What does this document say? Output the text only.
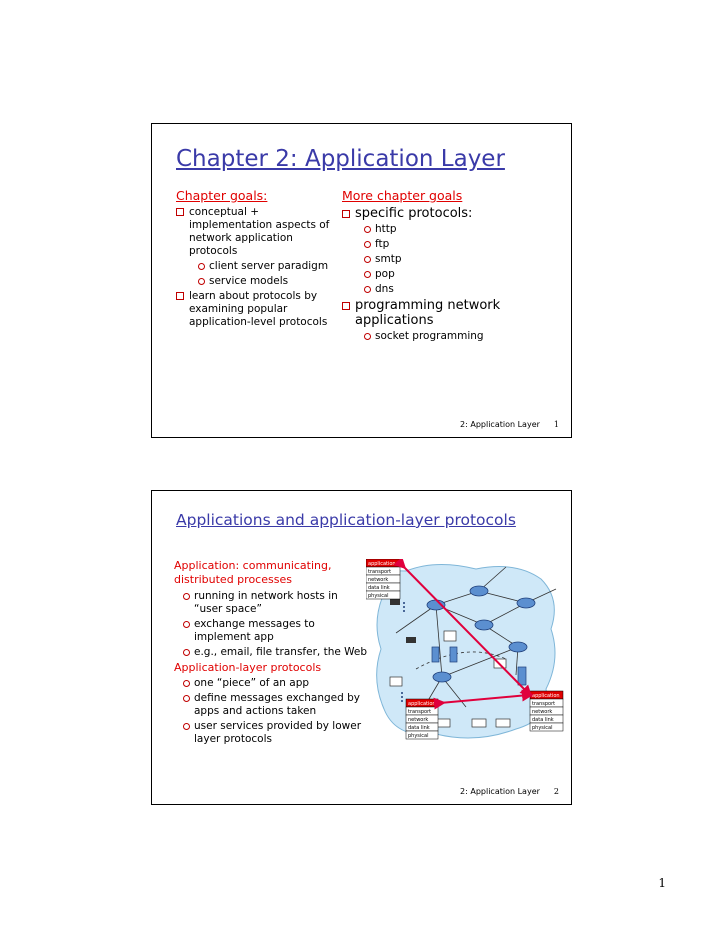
Chapter 2: Application Layer
Chapter goals:
conceptual + implementation aspects of network application protocols
client server paradigm
service models
learn about protocols by examining popular application-level protocols
More chapter goals
specific protocols:
http
ftp
smtp
pop
dns
programming network applications
socket programming
2: Application Layer 1
Applications and application-layer protocols
Application: communicating, distributed processes
running in network hosts in “user space”
exchange messages to implement app
e.g., email, file transfer, the Web
Application-layer protocols
one “piece” of an app
define messages exchanged by apps and actions taken
user services provided by lower layer protocols
application
transport
network
data link
physical
application
transport
network
data link
physical
application
transport
network
data link
physical
2: Application Layer 2
1
